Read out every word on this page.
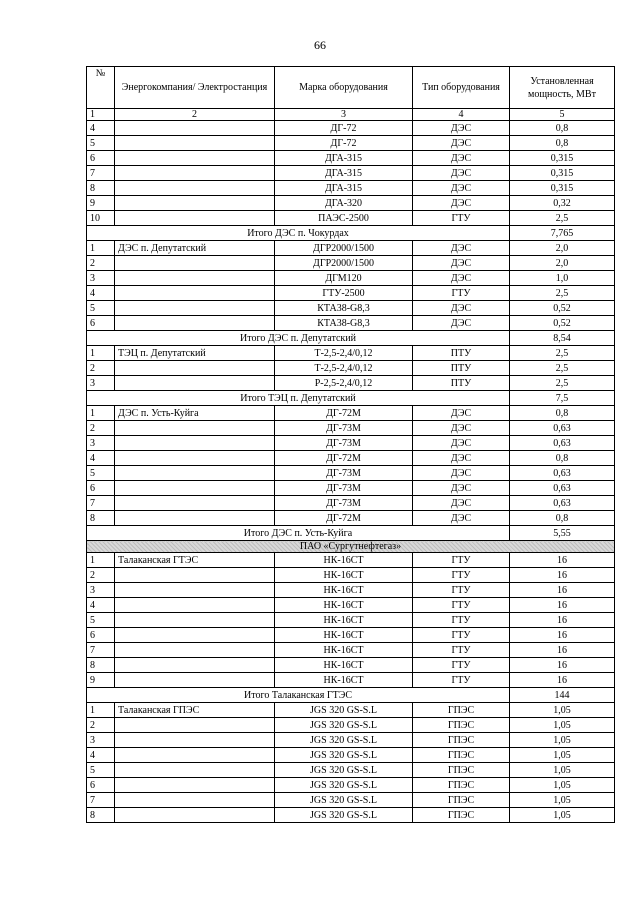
66
№	Энергокомпания/ Электростанция	Марка оборудования	Тип оборудования	Установленная мощность, МВт
1	2	3	4	5
4		ДГ-72	ДЭС	0,8
5		ДГ-72	ДЭС	0,8
6		ДГА-315	ДЭС	0,315
7		ДГА-315	ДЭС	0,315
8		ДГА-315	ДЭС	0,315
9		ДГА-320	ДЭС	0,32
10		ПАЭС-2500	ГТУ	2,5
Итого ДЭС п. Чокурдах				7,765
1	ДЭС п. Депутатский	ДГР2000/1500	ДЭС	2,0
2		ДГР2000/1500	ДЭС	2,0
3		ДГМ120	ДЭС	1,0
4		ГТУ-2500	ГТУ	2,5
5		КТА38-G8,3	ДЭС	0,52
6		КТА38-G8,3	ДЭС	0,52
Итого ДЭС п. Депутатский				8,54
1	ТЭЦ п. Депутатский	Т-2,5-2,4/0,12	ПТУ	2,5
2		Т-2,5-2,4/0,12	ПТУ	2,5
3		Р-2,5-2,4/0,12	ПТУ	2,5
Итого ТЭЦ п. Депутатский				7,5
1	ДЭС п. Усть-Куйга	ДГ-72М	ДЭС	0,8
2		ДГ-73М	ДЭС	0,63
3		ДГ-73М	ДЭС	0,63
4		ДГ-72М	ДЭС	0,8
5		ДГ-73М	ДЭС	0,63
6		ДГ-73М	ДЭС	0,63
7		ДГ-73М	ДЭС	0,63
8		ДГ-72М	ДЭС	0,8
Итого ДЭС п. Усть-Куйга				5,55
ПАО «Сургутнефтегаз»				
1	Талаканская ГТЭС	НК-16СТ	ГТУ	16
2		НК-16СТ	ГТУ	16
3		НК-16СТ	ГТУ	16
4		НК-16СТ	ГТУ	16
5		НК-16СТ	ГТУ	16
6		НК-16СТ	ГТУ	16
7		НК-16СТ	ГТУ	16
8		НК-16СТ	ГТУ	16
9		НК-16СТ	ГТУ	16
Итого Талаканская ГТЭС				144
1	Талаканская ГПЭС	JGS 320 GS-S.L	ГПЭС	1,05
2		JGS 320 GS-S.L	ГПЭС	1,05
3		JGS 320 GS-S.L	ГПЭС	1,05
4		JGS 320 GS-S.L	ГПЭС	1,05
5		JGS 320 GS-S.L	ГПЭС	1,05
6		JGS 320 GS-S.L	ГПЭС	1,05
7		JGS 320 GS-S.L	ГПЭС	1,05
8		JGS 320 GS-S.L	ГПЭС	1,05
